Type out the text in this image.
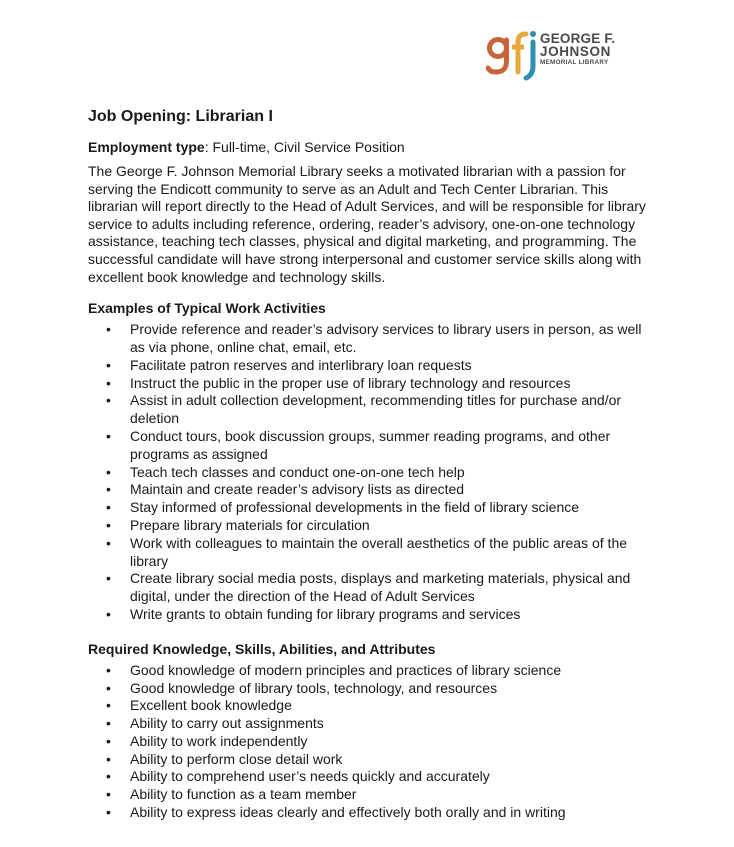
GEORGE F.
JOHNSON
MEMORIAL LIBRARY
Job Opening: Librarian I

Employment type: Full-time, Civil Service Position

The George F. Johnson Memorial Library seeks a motivated librarian with a passion for serving the Endicott community to serve as an Adult and Tech Center Librarian. This librarian will report directly to the Head of Adult Services, and will be responsible for library service to adults including reference, ordering, reader’s advisory, one-on-one technology assistance, teaching tech classes, physical and digital marketing, and programming. The successful candidate will have strong interpersonal and customer service skills along with excellent book knowledge and technology skills.

Examples of Typical Work Activities
• Provide reference and reader’s advisory services to library users in person, as well as via phone, online chat, email, etc.
• Facilitate patron reserves and interlibrary loan requests
• Instruct the public in the proper use of library technology and resources
• Assist in adult collection development, recommending titles for purchase and/or deletion
• Conduct tours, book discussion groups, summer reading programs, and other programs as assigned
• Teach tech classes and conduct one-on-one tech help
• Maintain and create reader’s advisory lists as directed
• Stay informed of professional developments in the field of library science
• Prepare library materials for circulation
• Work with colleagues to maintain the overall aesthetics of the public areas of the library
• Create library social media posts, displays and marketing materials, physical and digital, under the direction of the Head of Adult Services
• Write grants to obtain funding for library programs and services
Required Knowledge, Skills, Abilities, and Attributes
• Good knowledge of modern principles and practices of library science
• Good knowledge of library tools, technology, and resources
• Excellent book knowledge
• Ability to carry out assignments
• Ability to work independently
• Ability to perform close detail work
• Ability to comprehend user’s needs quickly and accurately
• Ability to function as a team member
• Ability to express ideas clearly and effectively both orally and in writing
